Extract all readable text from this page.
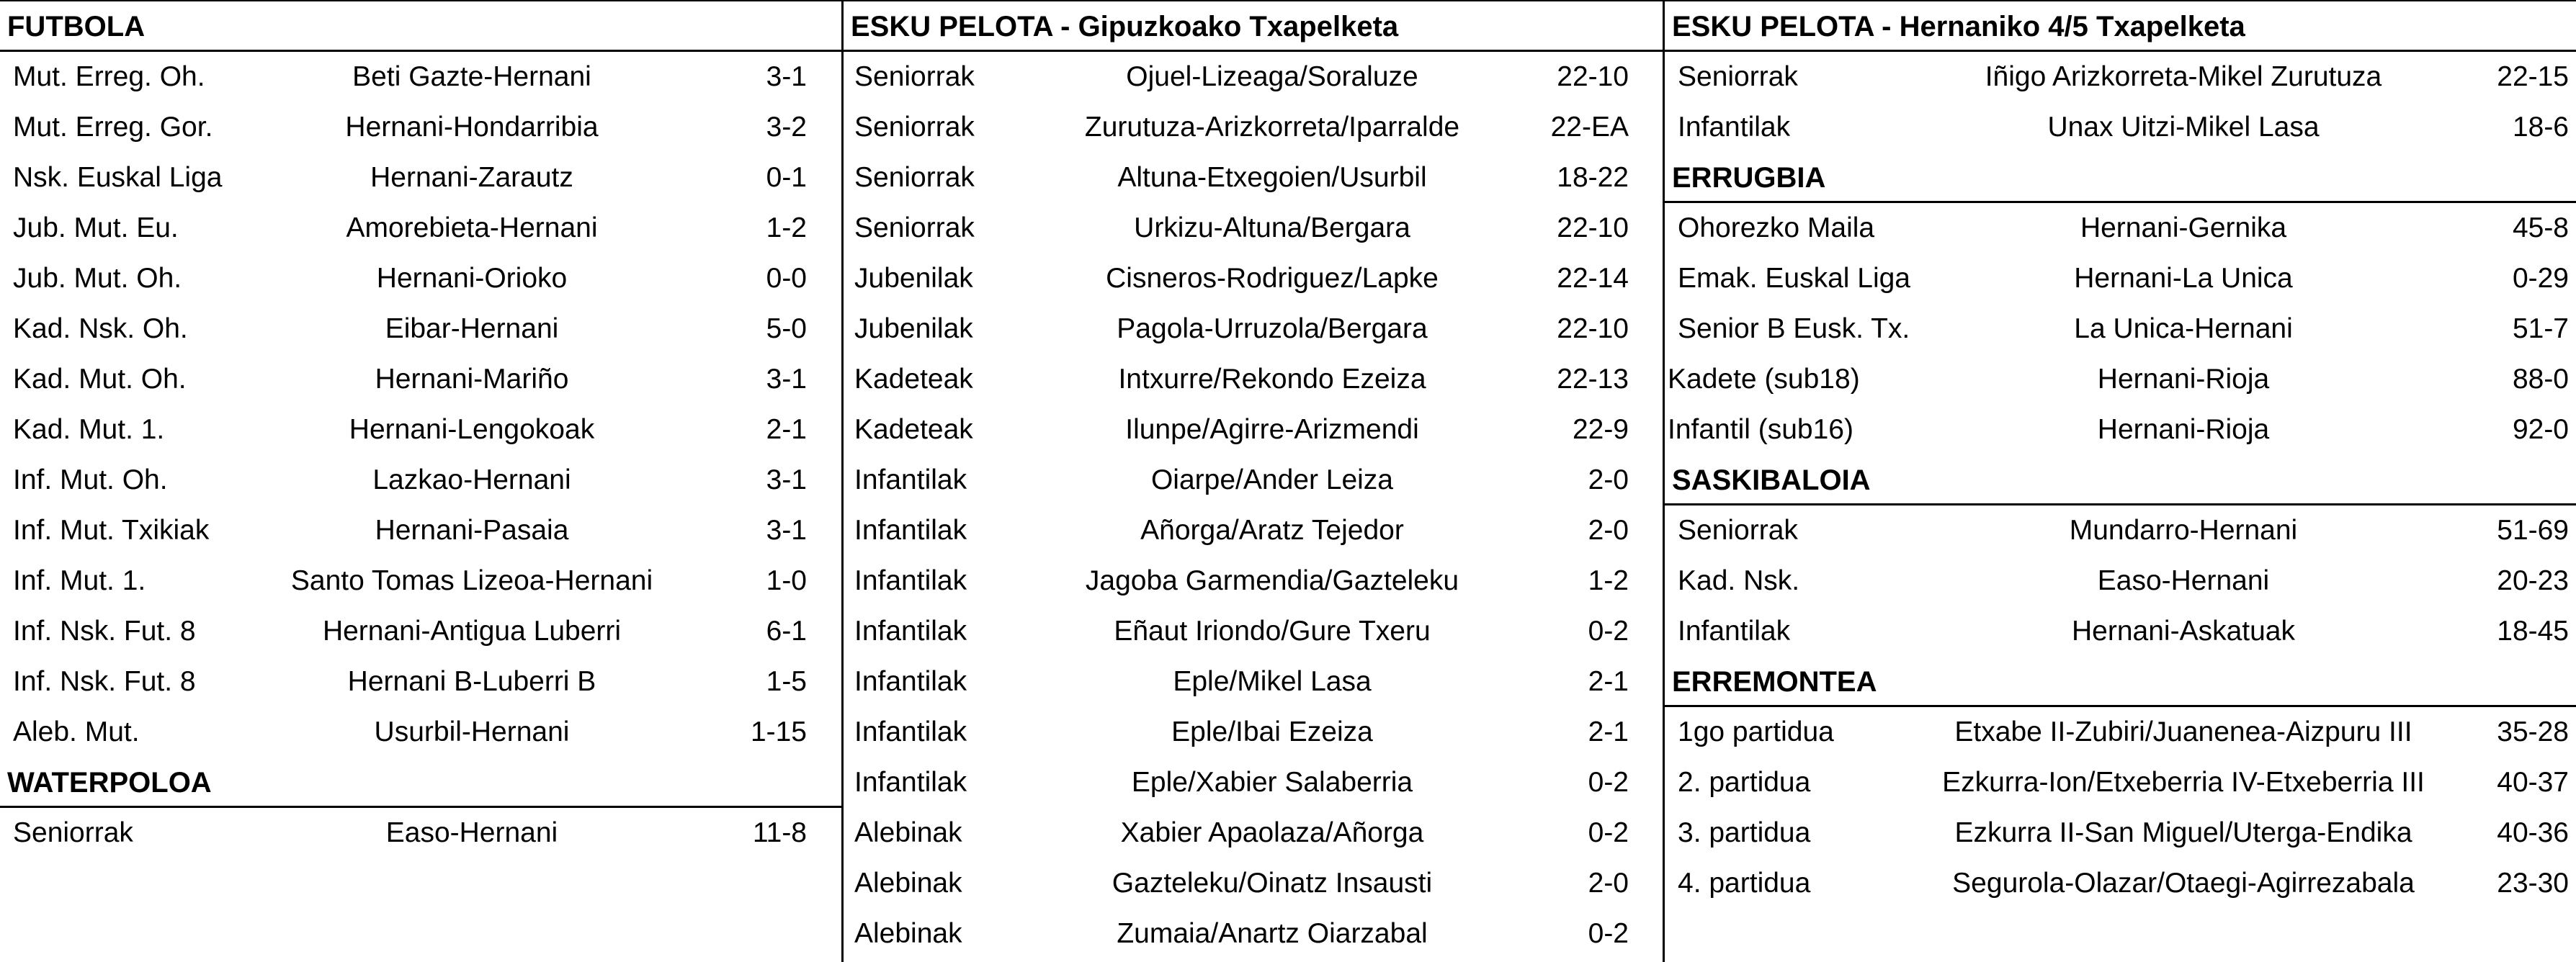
FUTBOLA
Mut. Erreg. Oh.	Beti Gazte-Hernani	3-1
Mut. Erreg. Gor.	Hernani-Hondarribia	3-2
Nsk. Euskal Liga	Hernani-Zarautz	0-1
Jub. Mut. Eu.	Amorebieta-Hernani	1-2
Jub. Mut. Oh.	Hernani-Orioko	0-0
Kad. Nsk. Oh.	Eibar-Hernani	5-0
Kad. Mut. Oh.	Hernani-Mariño	3-1
Kad. Mut. 1.	Hernani-Lengokoak	2-1
Inf. Mut. Oh.	Lazkao-Hernani	3-1
Inf. Mut. Txikiak	Hernani-Pasaia	3-1
Inf. Mut. 1.	Santo Tomas Lizeoa-Hernani	1-0
Inf. Nsk. Fut. 8	Hernani-Antigua Luberri	6-1
Inf. Nsk. Fut. 8	Hernani B-Luberri B	1-5
Aleb. Mut.	Usurbil-Hernani	1-15
WATERPOLOA
Seniorrak	Easo-Hernani	11-8
ESKU PELOTA - Gipuzkoako Txapelketa
Seniorrak	Ojuel-Lizeaga/Soraluze	22-10
Seniorrak	Zurutuza-Arizkorreta/Iparralde	22-EA
Seniorrak	Altuna-Etxegoien/Usurbil	18-22
Seniorrak	Urkizu-Altuna/Bergara	22-10
Jubenilak	Cisneros-Rodriguez/Lapke	22-14
Jubenilak	Pagola-Urruzola/Bergara	22-10
Kadeteak	Intxurre/Rekondo Ezeiza	22-13
Kadeteak	Ilunpe/Agirre-Arizmendi	22-9
Infantilak	Oiarpe/Ander Leiza	2-0
Infantilak	Añorga/Aratz Tejedor	2-0
Infantilak	Jagoba Garmendia/Gazteleku	1-2
Infantilak	Eñaut Iriondo/Gure Txeru	0-2
Infantilak	Eple/Mikel Lasa	2-1
Infantilak	Eple/Ibai Ezeiza	2-1
Infantilak	Eple/Xabier Salaberria	0-2
Alebinak	Xabier Apaolaza/Añorga	0-2
Alebinak	Gazteleku/Oinatz Insausti	2-0
Alebinak	Zumaia/Anartz Oiarzabal	0-2
ESKU PELOTA - Hernaniko 4/5 Txapelketa
Seniorrak	Iñigo Arizkorreta-Mikel Zurutuza	22-15
Infantilak	Unax Uitzi-Mikel Lasa	18-6
ERRUGBIA
Ohorezko Maila	Hernani-Gernika	45-8
Emak. Euskal Liga	Hernani-La Unica	0-29
Senior B Eusk. Tx.	La Unica-Hernani	51-7
Kadete (sub18)	Hernani-Rioja	88-0
Infantil (sub16)	Hernani-Rioja	92-0
SASKIBALOIA
Seniorrak	Mundarro-Hernani	51-69
Kad. Nsk.	Easo-Hernani	20-23
Infantilak	Hernani-Askatuak	18-45
ERREMONTEA
1go partidua	Etxabe II-Zubiri/Juanenea-Aizpuru III	35-28
2. partidua	Ezkurra-Ion/Etxeberria IV-Etxeberria III	40-37
3. partidua	Ezkurra II-San Miguel/Uterga-Endika	40-36
4. partidua	Segurola-Olazar/Otaegi-Agirrezabala	23-30
